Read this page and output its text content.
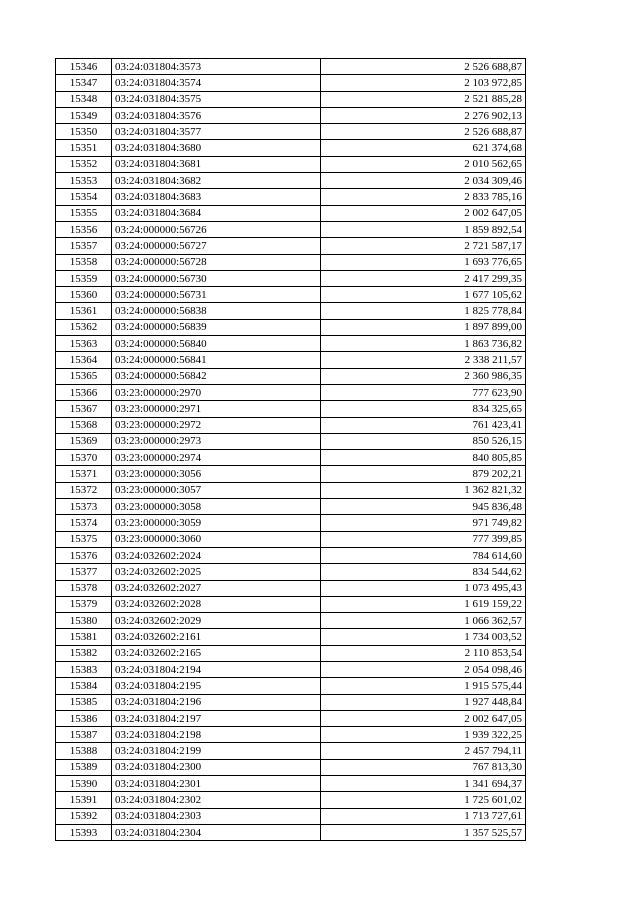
15346	03:24:031804:3573	2 526 688,87
15347	03:24:031804:3574	2 103 972,85
15348	03:24:031804:3575	2 521 885,28
15349	03:24:031804:3576	2 276 902,13
15350	03:24:031804:3577	2 526 688,87
15351	03:24:031804:3680	621 374,68
15352	03:24:031804:3681	2 010 562,65
15353	03:24:031804:3682	2 034 309,46
15354	03:24:031804:3683	2 833 785,16
15355	03:24:031804:3684	2 002 647,05
15356	03:24:000000:56726	1 859 892,54
15357	03:24:000000:56727	2 721 587,17
15358	03:24:000000:56728	1 693 776,65
15359	03:24:000000:56730	2 417 299,35
15360	03:24:000000:56731	1 677 105,62
15361	03:24:000000:56838	1 825 778,84
15362	03:24:000000:56839	1 897 899,00
15363	03:24:000000:56840	1 863 736,82
15364	03:24:000000:56841	2 338 211,57
15365	03:24:000000:56842	2 360 986,35
15366	03:23:000000:2970	777 623,90
15367	03:23:000000:2971	834 325,65
15368	03:23:000000:2972	761 423,41
15369	03:23:000000:2973	850 526,15
15370	03:23:000000:2974	840 805,85
15371	03:23:000000:3056	879 202,21
15372	03:23:000000:3057	1 362 821,32
15373	03:23:000000:3058	945 836,48
15374	03:23:000000:3059	971 749,82
15375	03:23:000000:3060	777 399,85
15376	03:24:032602:2024	784 614,60
15377	03:24:032602:2025	834 544,62
15378	03:24:032602:2027	1 073 495,43
15379	03:24:032602:2028	1 619 159,22
15380	03:24:032602:2029	1 066 362,57
15381	03:24:032602:2161	1 734 003,52
15382	03:24:032602:2165	2 110 853,54
15383	03:24:031804:2194	2 054 098,46
15384	03:24:031804:2195	1 915 575,44
15385	03:24:031804:2196	1 927 448,84
15386	03:24:031804:2197	2 002 647,05
15387	03:24:031804:2198	1 939 322,25
15388	03:24:031804:2199	2 457 794,11
15389	03:24:031804:2300	767 813,30
15390	03:24:031804:2301	1 341 694,37
15391	03:24:031804:2302	1 725 601,02
15392	03:24:031804:2303	1 713 727,61
15393	03:24:031804:2304	1 357 525,57
